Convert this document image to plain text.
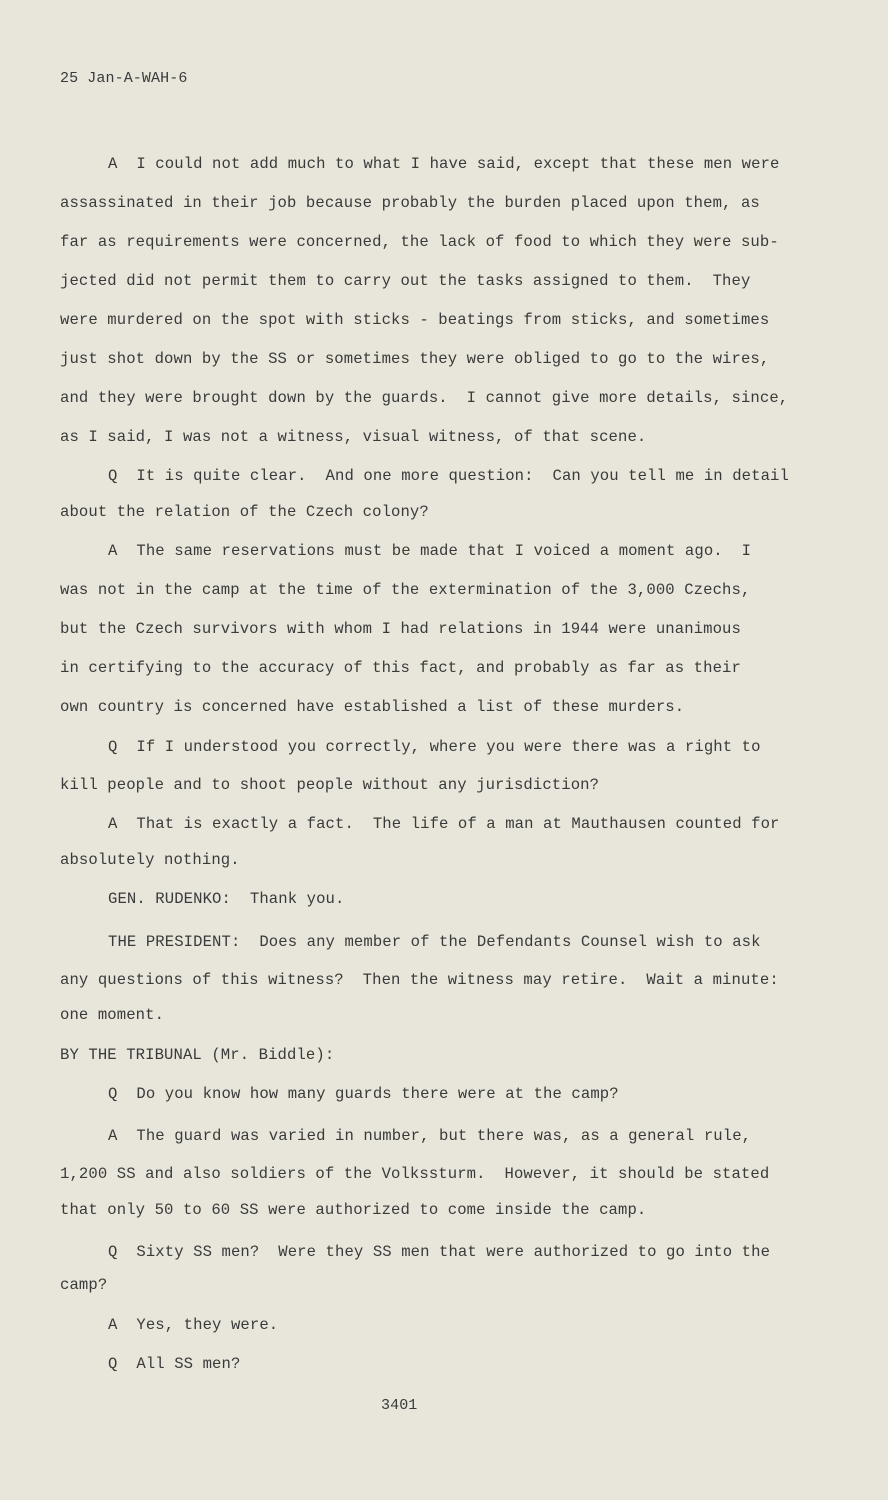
25 Jan-A-WAH-6
A  I could not add much to what I have said, except that these men were
assassinated in their job because probably the burden placed upon them, as
far as requirements were concerned, the lack of food to which they were sub-
jected did not permit them to carry out the tasks assigned to them.  They
were murdered on the spot with sticks - beatings from sticks, and sometimes
just shot down by the SS or sometimes they were obliged to go to the wires,
and they were brought down by the guards.  I cannot give more details, since,
as I said, I was not a witness, visual witness, of that scene.
Q  It is quite clear.  And one more question:  Can you tell me in detail
about the relation of the Czech colony?
A  The same reservations must be made that I voiced a moment ago.  I
was not in the camp at the time of the extermination of the 3,000 Czechs,
but the Czech survivors with whom I had relations in 1944 were unanimous
in certifying to the accuracy of this fact, and probably as far as their
own country is concerned have established a list of these murders.
Q  If I understood you correctly, where you were there was a right to
kill people and to shoot people without any jurisdiction?
A  That is exactly a fact.  The life of a man at Mauthausen counted for
absolutely nothing.
GEN. RUDENKO:  Thank you.
THE PRESIDENT:  Does any member of the Defendants Counsel wish to ask
any questions of this witness?  Then the witness may retire.  Wait a minute:
one moment.
BY THE TRIBUNAL (Mr. Biddle):
Q  Do you know how many guards there were at the camp?
A  The guard was varied in number, but there was, as a general rule,
1,200 SS and also soldiers of the Volkssturm.  However, it should be stated
that only 50 to 60 SS were authorized to come inside the camp.
Q  Sixty SS men?  Were they SS men that were authorized to go into the
camp?
A  Yes, they were.
Q  All SS men?
3401
